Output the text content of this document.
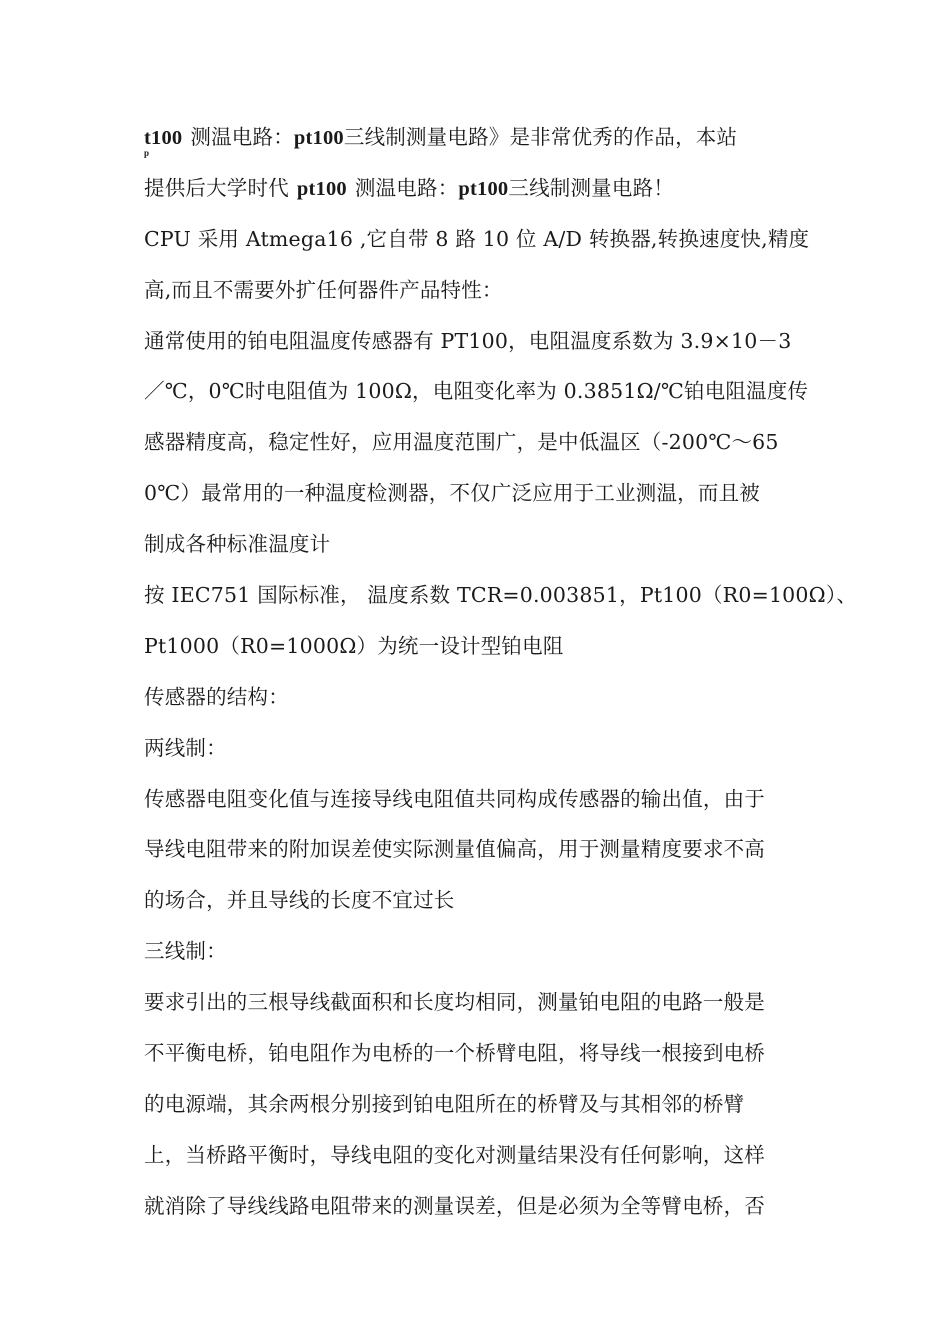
p
t100 测温电路：pt100三线制测量电路》是非常优秀的作品，本站
提供后大学时代 pt100 测温电路：pt100三线制测量电路！
CPU 采用 Atmega16 ,它自带 8 路 10 位 A/D 转换器,转换速度快,精度
高,而且不需要外扩任何器件产品特性：
通常使用的铂电阻温度传感器有 PT100，电阻温度系数为 3.9×10－3
／℃，0℃时电阻值为 100Ω，电阻变化率为 0.3851Ω/℃铂电阻温度传
感器精度高，稳定性好，应用温度范围广，是中低温区（-200℃～65
0℃）最常用的一种温度检测器，不仅广泛应用于工业测温，而且被
制成各种标准温度计
按 IEC751 国际标准， 温度系数 TCR=0.003851，Pt100（R0=100Ω）、
Pt1000（R0=1000Ω）为统一设计型铂电阻
传感器的结构：
两线制：
传感器电阻变化值与连接导线电阻值共同构成传感器的输出值，由于
导线电阻带来的附加误差使实际测量值偏高，用于测量精度要求不高
的场合，并且导线的长度不宜过长
三线制：
要求引出的三根导线截面积和长度均相同，测量铂电阻的电路一般是
不平衡电桥，铂电阻作为电桥的一个桥臂电阻，将导线一根接到电桥
的电源端，其余两根分别接到铂电阻所在的桥臂及与其相邻的桥臂
上，当桥路平衡时，导线电阻的变化对测量结果没有任何影响，这样
就消除了导线线路电阻带来的测量误差，但是必须为全等臂电桥，否
